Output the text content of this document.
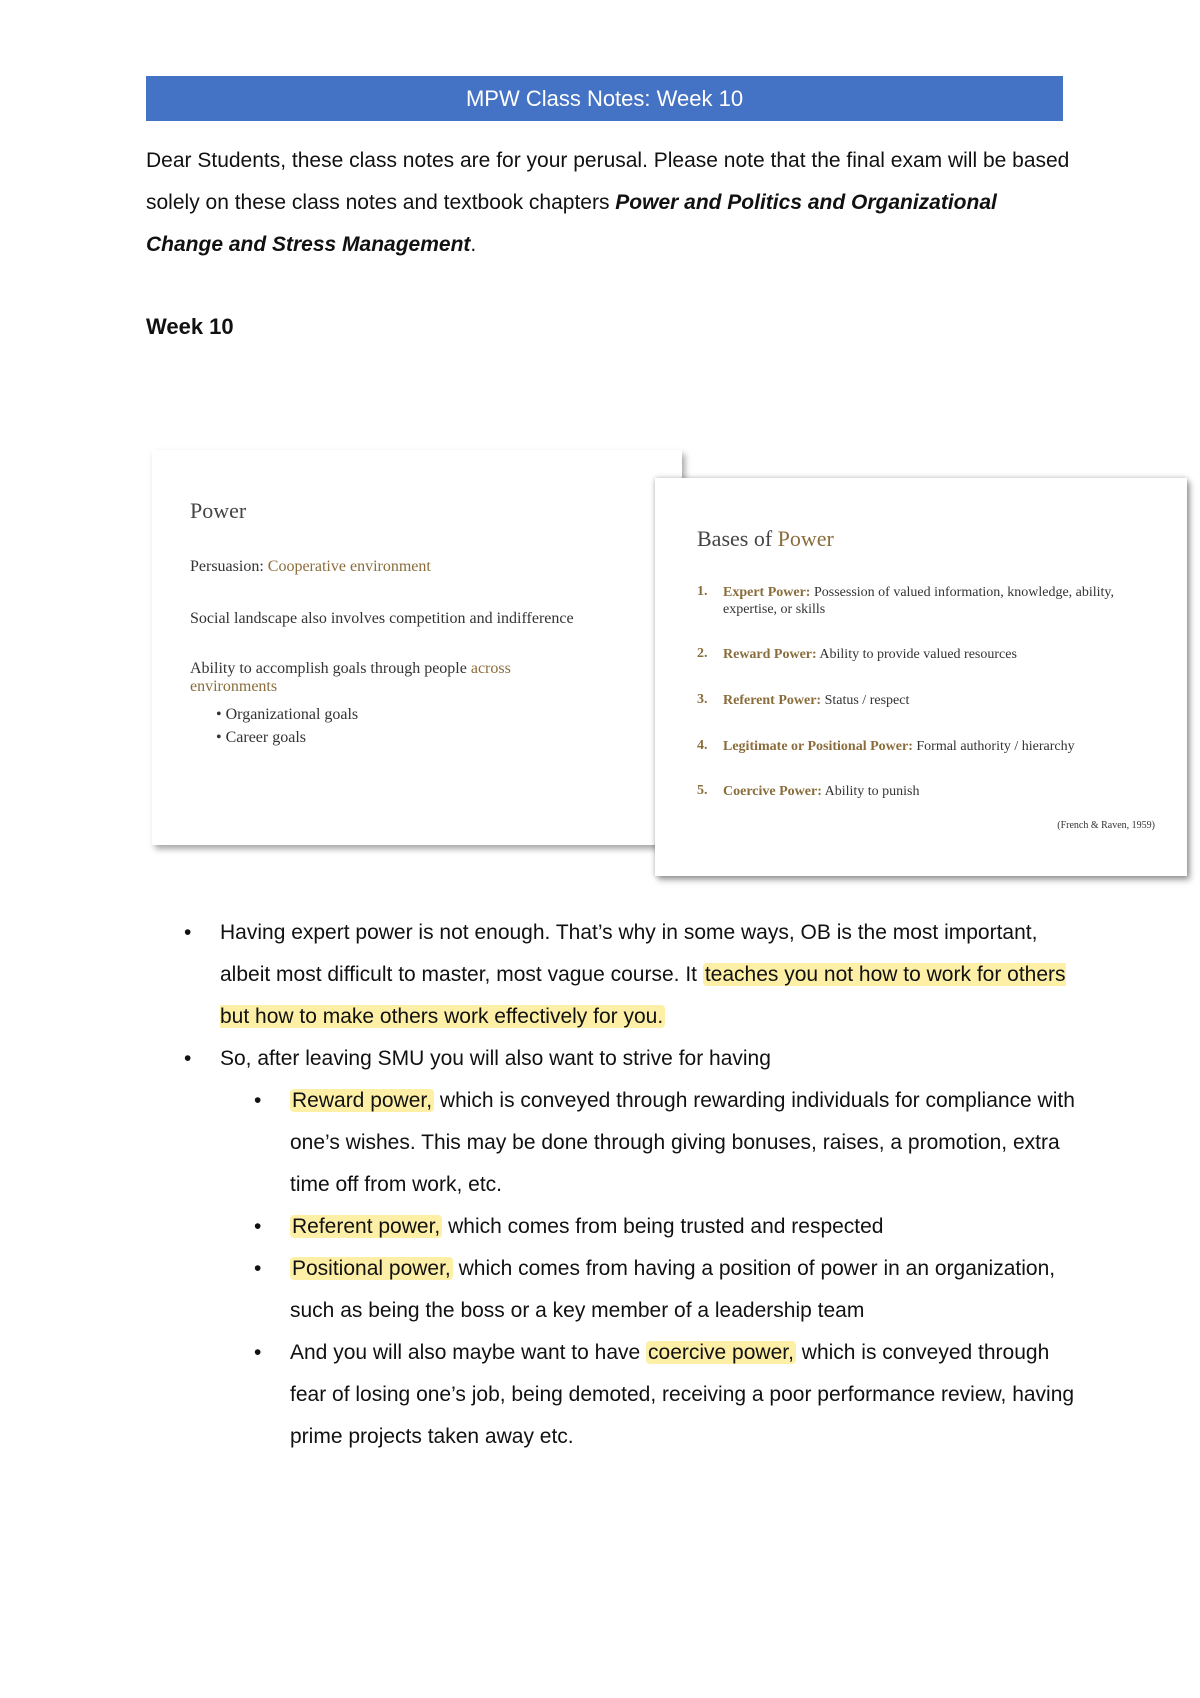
MPW Class Notes: Week 10

Dear Students, these class notes are for your perusal. Please note that the final exam will be based solely on these class notes and textbook chapters Power and Politics and Organizational Change and Stress Management.

Week 10
Power
Persuasion: Cooperative environment
Social landscape also involves competition and indifference
Ability to accomplish goals through people across environments
• Organizational goals
• Career goals
Bases of Power
1. Expert Power: Possession of valued information, knowledge, ability, expertise, or skills
2. Reward Power: Ability to provide valued resources
3. Referent Power: Status / respect
4. Legitimate or Positional Power: Formal authority / hierarchy
5. Coercive Power: Ability to punish
(French & Raven, 1959)
• Having expert power is not enough. That’s why in some ways, OB is the most important, albeit most difficult to master, most vague course. It teaches you not how to work for others but how to make others work effectively for you.
• So, after leaving SMU you will also want to strive for having
• Reward power, which is conveyed through rewarding individuals for compliance with one’s wishes. This may be done through giving bonuses, raises, a promotion, extra time off from work, etc.
• Referent power, which comes from being trusted and respected
• Positional power, which comes from having a position of power in an organization, such as being the boss or a key member of a leadership team
• And you will also maybe want to have coercive power, which is conveyed through fear of losing one’s job, being demoted, receiving a poor performance review, having prime projects taken away etc.
